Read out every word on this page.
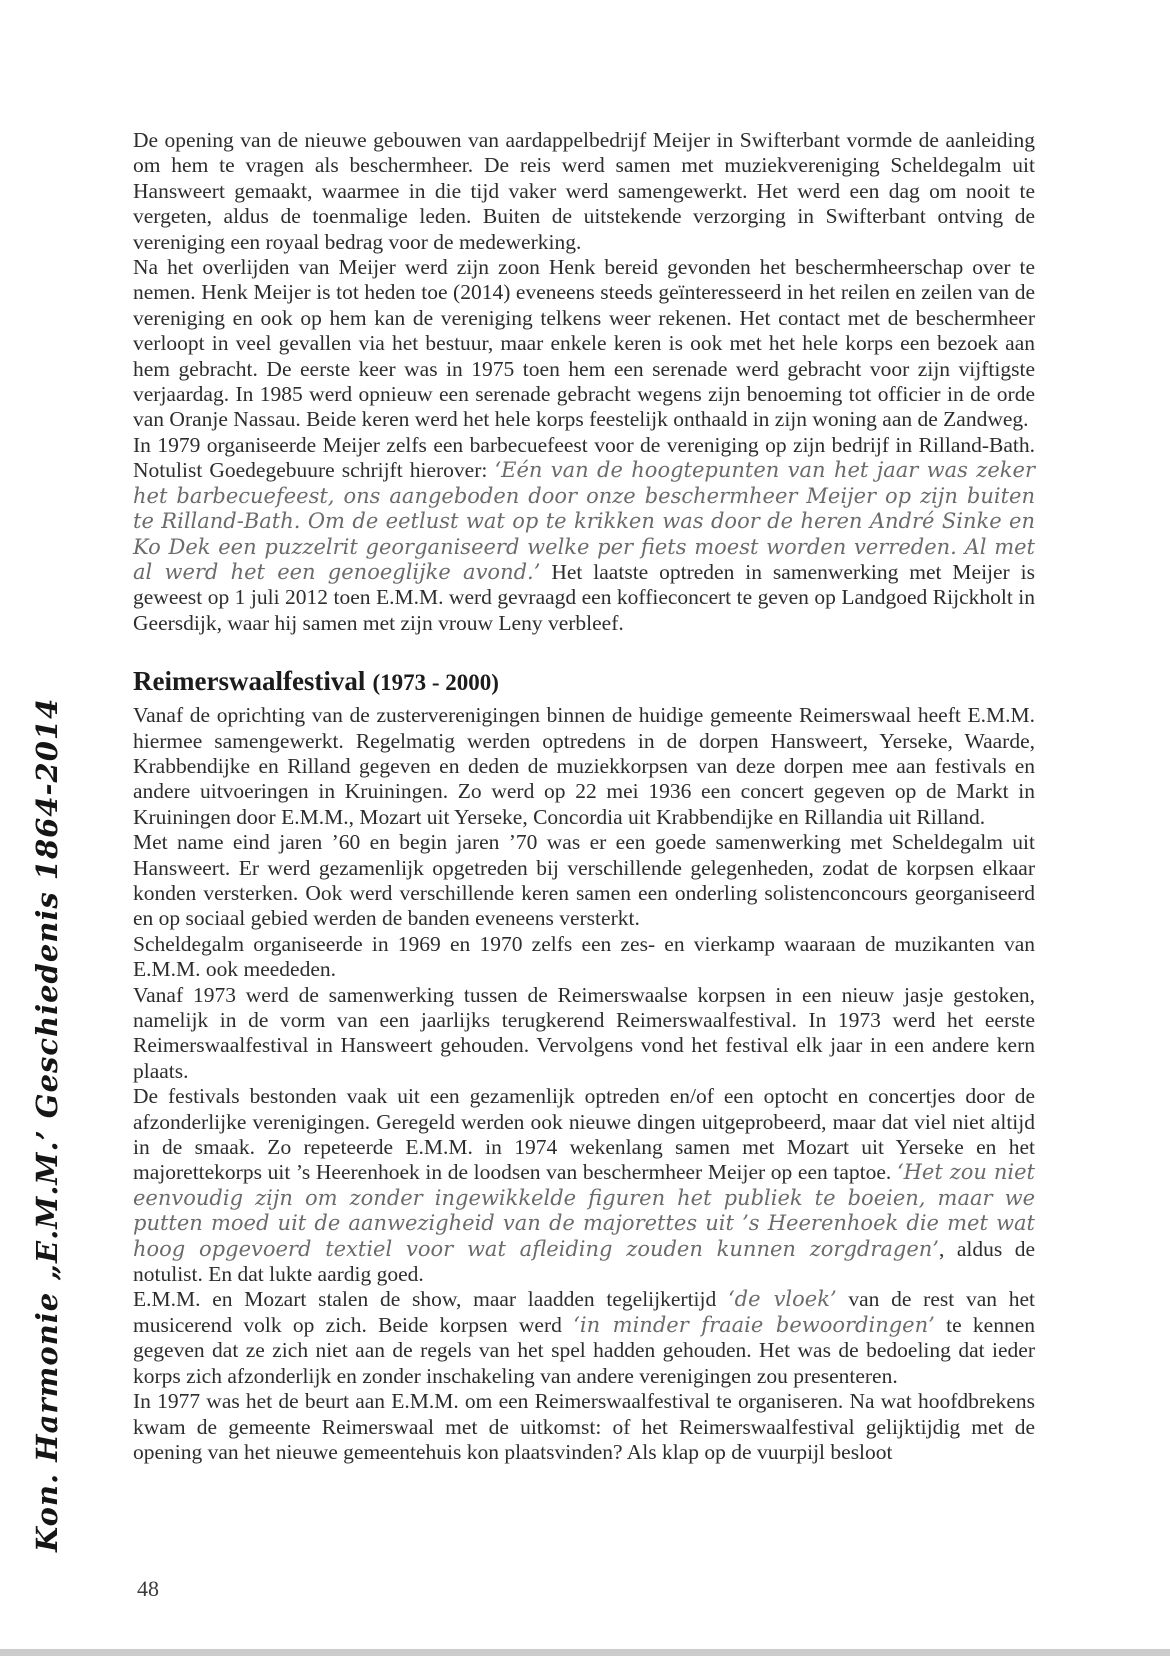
Kon. Harmonie „E.M.M.’ Geschiedenis 1864-2014

De opening van de nieuwe gebouwen van aardappelbedrijf Meijer in Swifterbant vormde de aanleiding om hem te vragen als beschermheer. De reis werd samen met muziekvereniging Scheldegalm uit Hansweert gemaakt, waarmee in die tijd vaker werd samengewerkt. Het werd een dag om nooit te vergeten, aldus de toenmalige leden. Buiten de uitstekende verzorging in Swifterbant ontving de vereniging een royaal bedrag voor de medewerking.

Na het overlijden van Meijer werd zijn zoon Henk bereid gevonden het beschermheerschap over te nemen. Henk Meijer is tot heden toe (2014) eveneens steeds geïnteresseerd in het reilen en zeilen van de vereniging en ook op hem kan de vereniging telkens weer rekenen. Het contact met de beschermheer verloopt in veel gevallen via het bestuur, maar enkele keren is ook met het hele korps een bezoek aan hem gebracht. De eerste keer was in 1975 toen hem een serenade werd gebracht voor zijn vijftigste verjaardag. In 1985 werd opnieuw een serenade gebracht wegens zijn benoeming tot officier in de orde van Oranje Nassau. Beide keren werd het hele korps feestelijk onthaald in zijn woning aan de Zandweg.

In 1979 organiseerde Meijer zelfs een barbecuefeest voor de vereniging op zijn bedrijf in Rilland-Bath. Notulist Goedegebuure schrijft hierover: ‘Eén van de hoogtepunten van het jaar was zeker het barbecuefeest, ons aangeboden door onze beschermheer Meijer op zijn buiten te Rilland-Bath. Om de eetlust wat op te krikken was door de heren André Sinke en Ko Dek een puzzelrit georganiseerd welke per fiets moest worden verreden. Al met al werd het een genoeglijke avond.’ Het laatste optreden in samenwerking met Meijer is geweest op 1 juli 2012 toen E.M.M. werd gevraagd een koffieconcert te geven op Landgoed Rijckholt in Geersdijk, waar hij samen met zijn vrouw Leny verbleef.

Reimerswaalfestival (1973 - 2000)

Vanaf de oprichting van de zusterverenigingen binnen de huidige gemeente Reimerswaal heeft E.M.M. hiermee samengewerkt. Regelmatig werden optredens in de dorpen Hansweert, Yerseke, Waarde, Krabbendijke en Rilland gegeven en deden de muziekkorpsen van deze dorpen mee aan festivals en andere uitvoeringen in Kruiningen. Zo werd op 22 mei 1936 een concert gegeven op de Markt in Kruiningen door E.M.M., Mozart uit Yerseke, Concordia uit Krabbendijke en Rillandia uit Rilland.

Met name eind jaren ’60 en begin jaren ’70 was er een goede samenwerking met Scheldegalm uit Hansweert. Er werd gezamenlijk opgetreden bij verschillende gelegenheden, zodat de korpsen elkaar konden versterken. Ook werd verschillende keren samen een onderling solistenconcours georganiseerd en op sociaal gebied werden de banden eveneens versterkt.

Scheldegalm organiseerde in 1969 en 1970 zelfs een zes- en vierkamp waaraan de muzikanten van E.M.M. ook meededen.

Vanaf 1973 werd de samenwerking tussen de Reimerswaalse korpsen in een nieuw jasje gestoken, namelijk in de vorm van een jaarlijks terugkerend Reimerswaalfestival. In 1973 werd het eerste Reimerswaalfestival in Hansweert gehouden. Vervolgens vond het festival elk jaar in een andere kern plaats.

De festivals bestonden vaak uit een gezamenlijk optreden en/of een optocht en concertjes door de afzonderlijke verenigingen. Geregeld werden ook nieuwe dingen uitgeprobeerd, maar dat viel niet altijd in de smaak. Zo repeteerde E.M.M. in 1974 wekenlang samen met Mozart uit Yerseke en het majorettekorps uit ’s Heerenhoek in de loodsen van beschermheer Meijer op een taptoe. ‘Het zou niet eenvoudig zijn om zonder ingewikkelde figuren het publiek te boeien, maar we putten moed uit de aanwezigheid van de majorettes uit ’s Heerenhoek die met wat hoog opgevoerd textiel voor wat afleiding zouden kunnen zorgdragen’, aldus de notulist. En dat lukte aardig goed.

E.M.M. en Mozart stalen de show, maar laadden tegelijkertijd ‘de vloek’ van de rest van het musicerend volk op zich. Beide korpsen werd ‘in minder fraaie bewoordingen’ te kennen gegeven dat ze zich niet aan de regels van het spel hadden gehouden. Het was de bedoeling dat ieder korps zich afzonderlijk en zonder inschakeling van andere verenigingen zou presenteren.

In 1977 was het de beurt aan E.M.M. om een Reimerswaalfestival te organiseren. Na wat hoofdbrekens kwam de gemeente Reimerswaal met de uitkomst: of het Reimerswaalfestival gelijktijdig met de opening van het nieuwe gemeentehuis kon plaatsvinden? Als klap op de vuurpijl besloot

48
